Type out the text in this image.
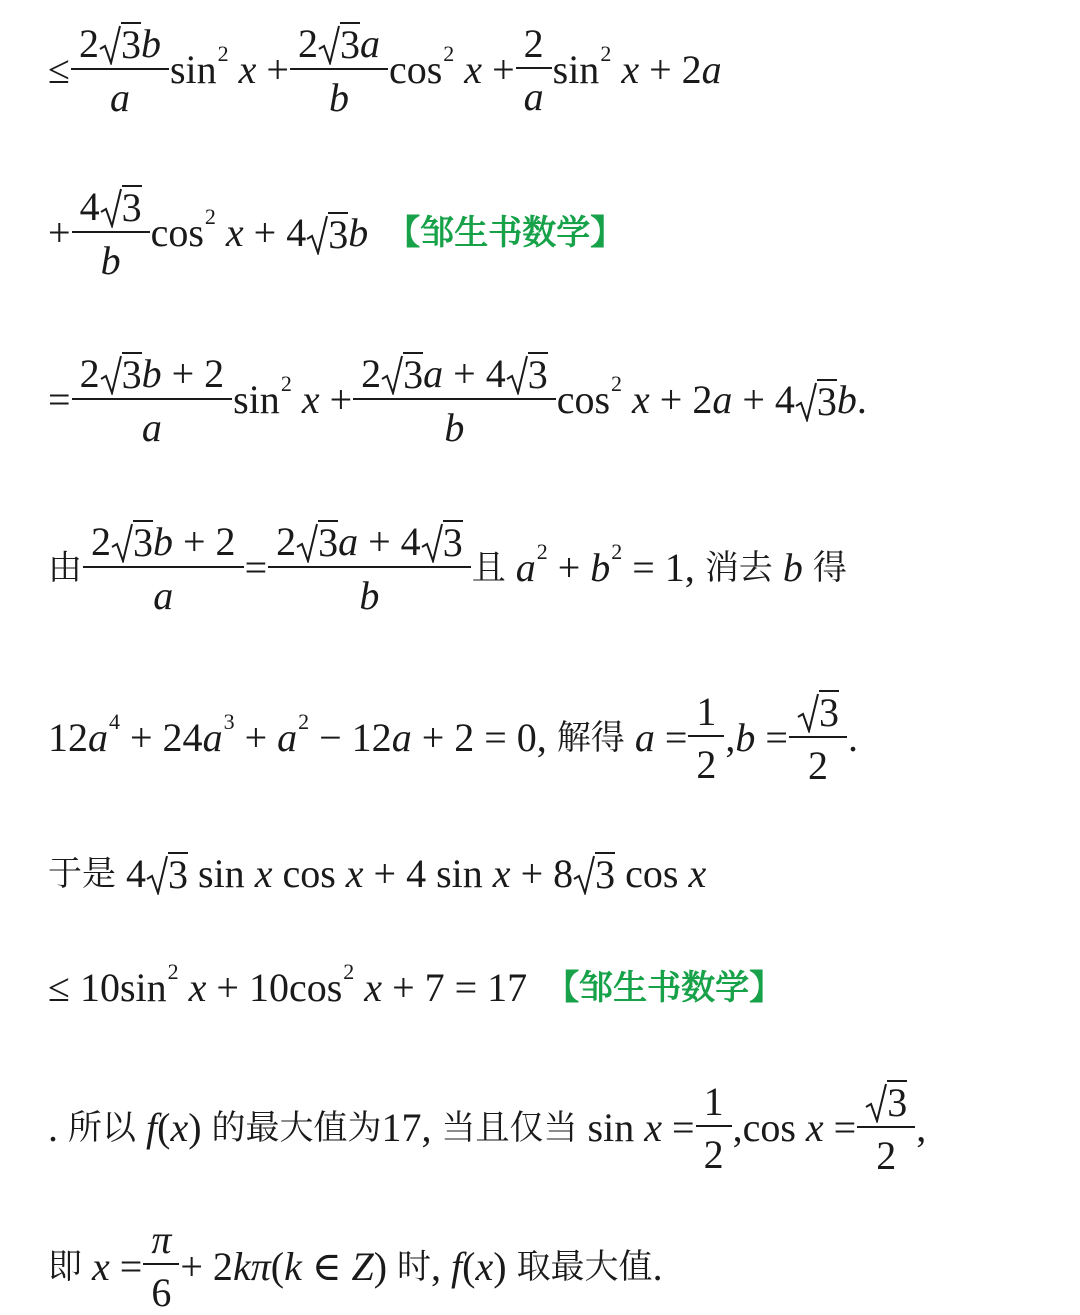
≤ $\frac{2 3 b}{a}$ sin 2 $x + \frac{2 3 a}{b}$ cos 2 $x + \frac{2}{a}$ sin 2 x + 2 a
+ $\frac{4 3}{b}$ cos 2 x + 4 3 b 【邹生书数学】
= $\frac{2 3 b + 2}{a}$ sin 2 $x + \frac{2 3 a + 4 3}{b}$ cos 2 x + 2 a + 4 3 b .
由 $\frac{2 3 b + 2}{a} = \frac{2 3 a + 4 3}{b}$ 且 a 2 + b 2 = 1, 消去 b 得
12 a 4 + 24 a 3 + a 2 − 12 a + 2 = 0, 解得 $a = \frac{1}{2}$ , $b = \frac{3}{2}$ .
于是 4 3 sin x cos x + 4 sin x + 8 3 cos x
≤ 10sin 2 x + 10cos 2 x + 7 = 17 【邹生书数学】
. 所以 f ( x ) 的最大值为 17 , 当且仅当 $\sin x = \frac{1}{2} ,\cos$ $x = \frac{3}{2}$ ,
即 $x = \frac{\pi}{6} + 2$ kπ ( k ∈ Z ) 时 , f ( x ) 取最大值 .
